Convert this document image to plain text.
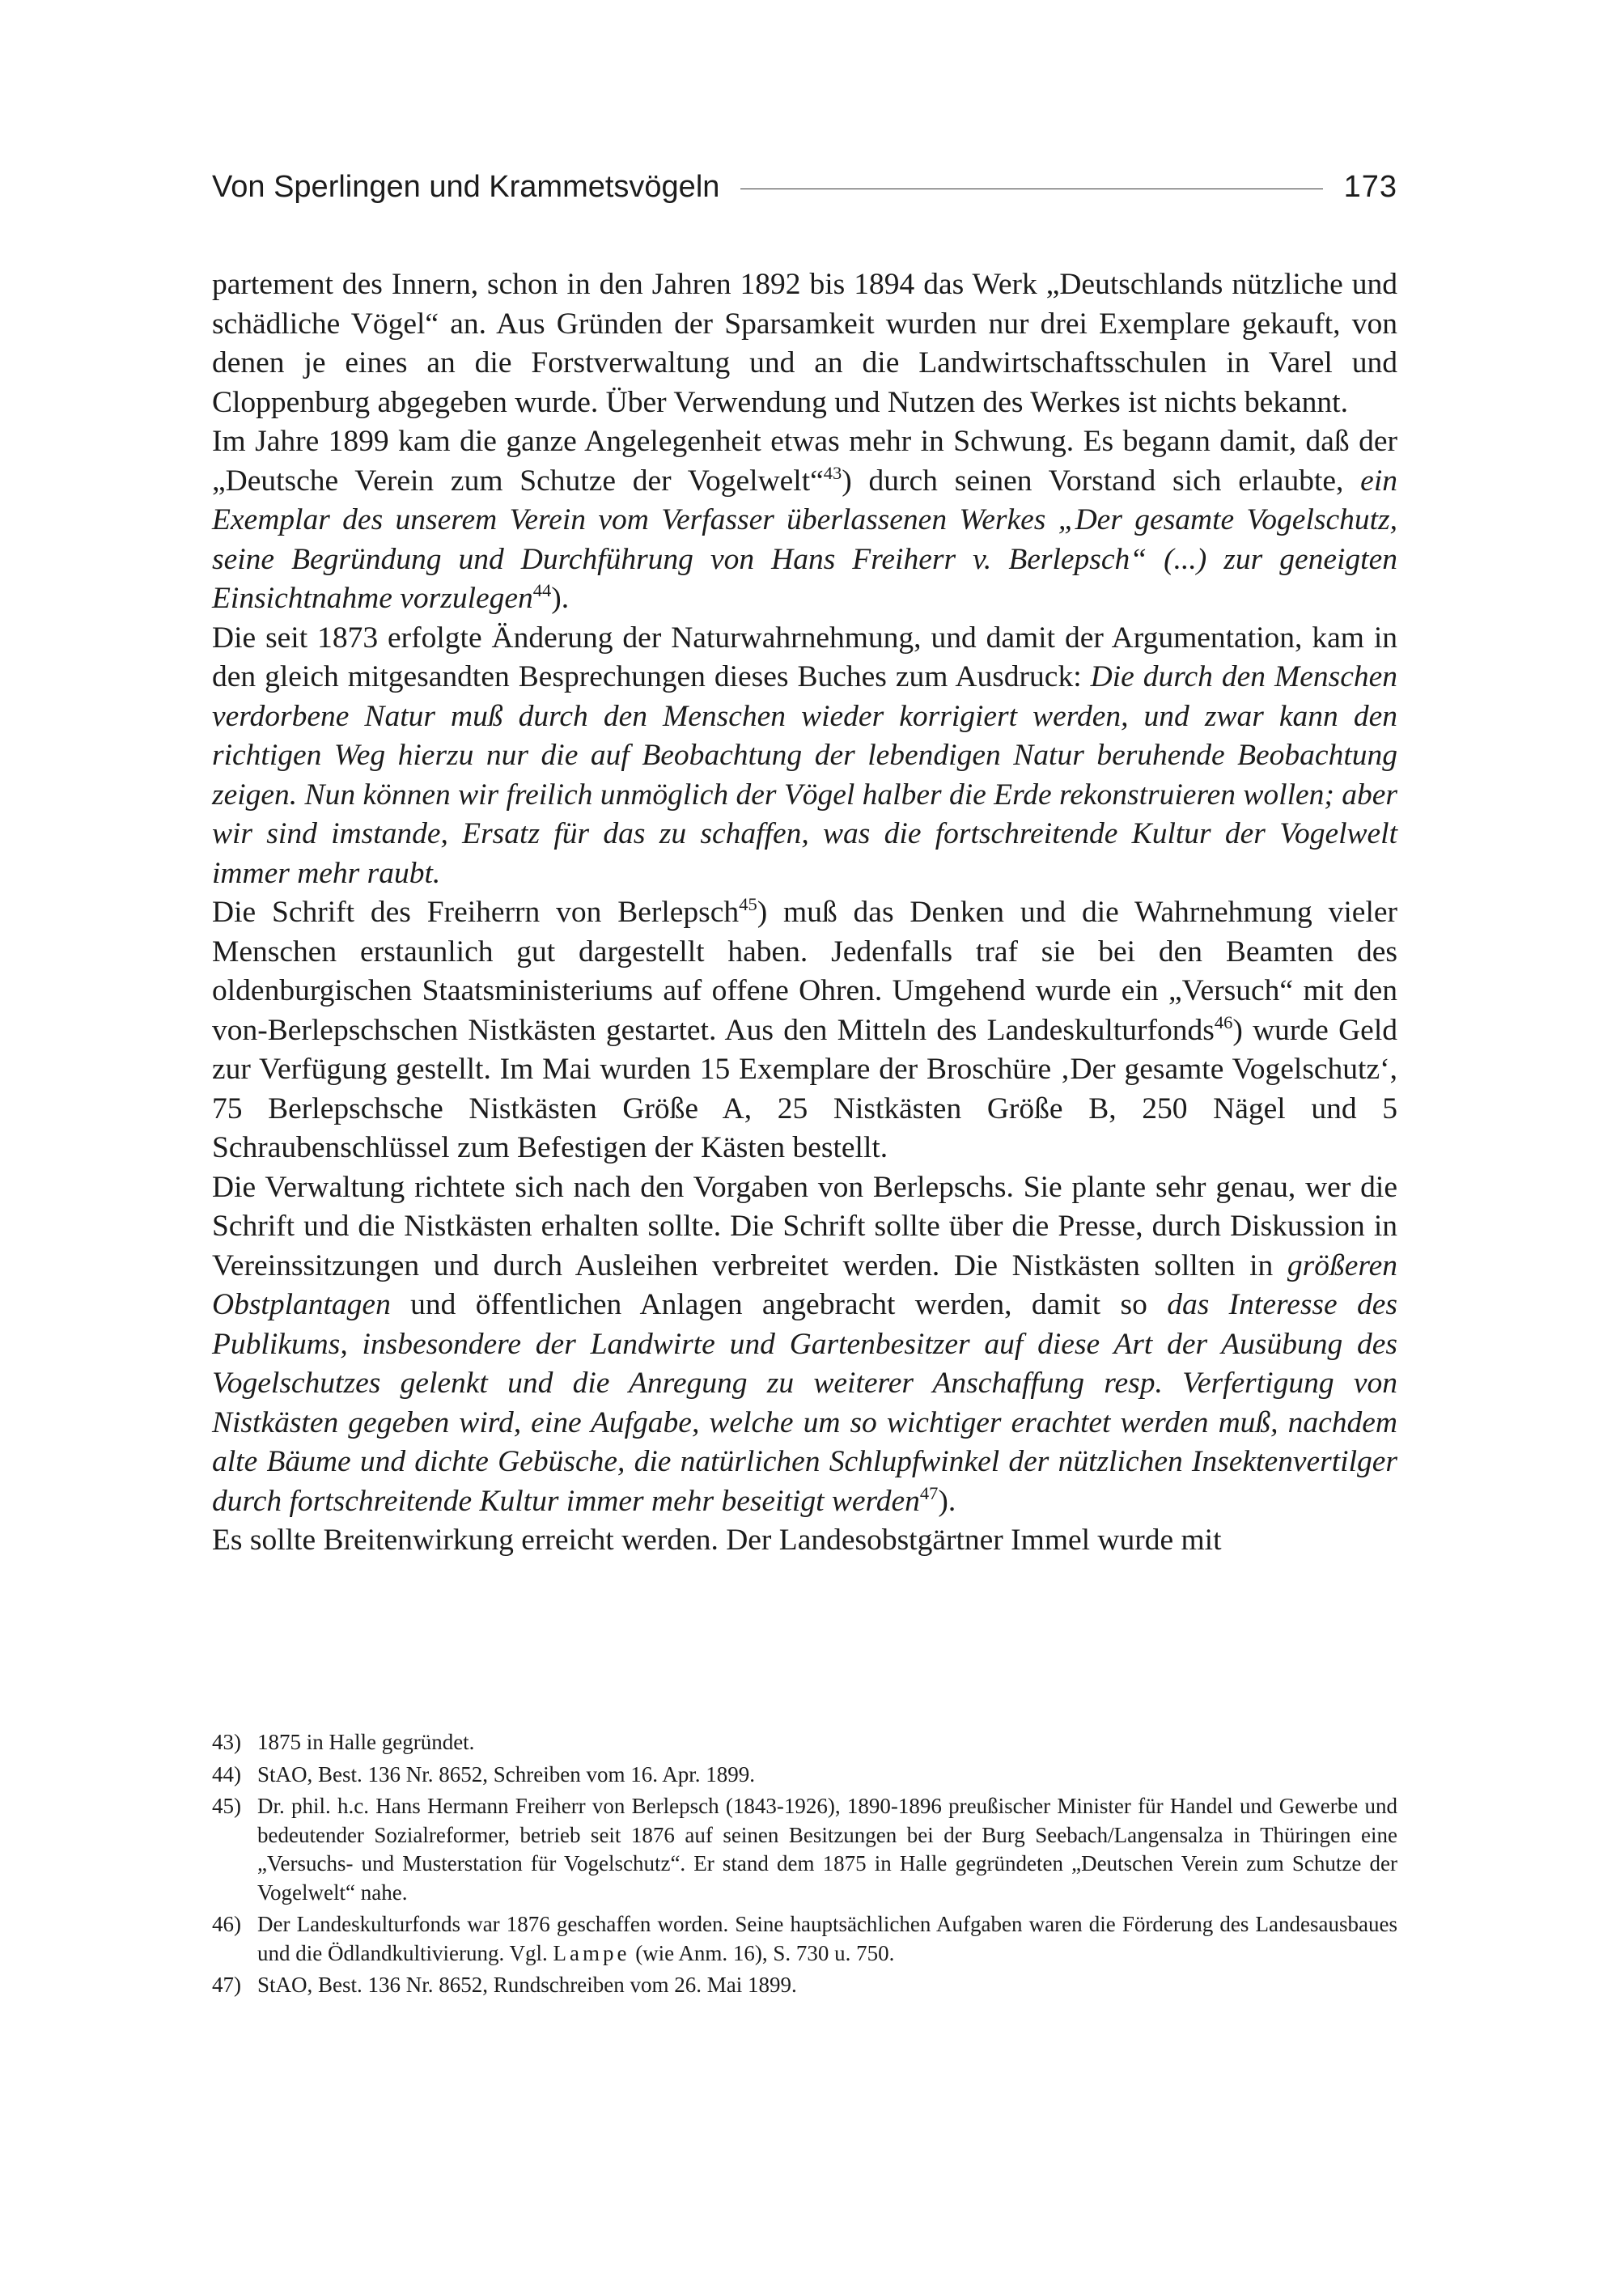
Von Sperlingen und Krammetsvögeln	173

partement des Innern, schon in den Jahren 1892 bis 1894 das Werk „Deutschlands nützliche und schädliche Vögel“ an. Aus Gründen der Sparsamkeit wurden nur drei Exemplare gekauft, von denen je eines an die Forstverwaltung und an die Landwirtschaftsschulen in Varel und Cloppenburg abgegeben wurde. Über Verwendung und Nutzen des Werkes ist nichts bekannt.

Im Jahre 1899 kam die ganze Angelegenheit etwas mehr in Schwung. Es begann damit, daß der „Deutsche Verein zum Schutze der Vogelwelt“$^{43}$) durch seinen Vorstand sich erlaubte, ein Exemplar des unserem Verein vom Verfasser überlassenen Werkes „Der gesamte Vogelschutz, seine Begründung und Durchführung von Hans Freiherr v. Berlepsch“ (...) zur geneigten Einsichtnahme vorzulegen$^{44}$).

Die seit 1873 erfolgte Änderung der Naturwahrnehmung, und damit der Argumentation, kam in den gleich mitgesandten Besprechungen dieses Buches zum Ausdruck: Die durch den Menschen verdorbene Natur muß durch den Menschen wieder korrigiert werden, und zwar kann den richtigen Weg hierzu nur die auf Beobachtung der lebendigen Natur beruhende Beobachtung zeigen. Nun können wir freilich unmöglich der Vögel halber die Erde rekonstruieren wollen; aber wir sind imstande, Ersatz für das zu schaffen, was die fortschreitende Kultur der Vogelwelt immer mehr raubt.

Die Schrift des Freiherrn von Berlepsch$^{45}$) muß das Denken und die Wahrnehmung vieler Menschen erstaunlich gut dargestellt haben. Jedenfalls traf sie bei den Beamten des oldenburgischen Staatsministeriums auf offene Ohren. Umgehend wurde ein „Versuch“ mit den von-Berlepschschen Nistkästen gestartet. Aus den Mitteln des Landeskulturfonds$^{46}$) wurde Geld zur Verfügung gestellt. Im Mai wurden 15 Exemplare der Broschüre ‚Der gesamte Vogelschutz‘, 75 Berlepschsche Nistkästen Größe A, 25 Nistkästen Größe B, 250 Nägel und 5 Schraubenschlüssel zum Befestigen der Kästen bestellt.

Die Verwaltung richtete sich nach den Vorgaben von Berlepschs. Sie plante sehr genau, wer die Schrift und die Nistkästen erhalten sollte. Die Schrift sollte über die Presse, durch Diskussion in Vereinssitzungen und durch Ausleihen verbreitet werden. Die Nistkästen sollten in größeren Obstplantagen und öffentlichen Anlagen angebracht werden, damit so das Interesse des Publikums, insbesondere der Landwirte und Gartenbesitzer auf diese Art der Ausübung des Vogelschutzes gelenkt und die Anregung zu weiterer Anschaffung resp. Verfertigung von Nistkästen gegeben wird, eine Aufgabe, welche um so wichtiger erachtet werden muß, nachdem alte Bäume und dichte Gebüsche, die natürlichen Schlupfwinkel der nützlichen Insektenvertilger durch fortschreitende Kultur immer mehr beseitigt werden$^{47}$).

Es sollte Breitenwirkung erreicht werden. Der Landesobstgärtner Immel wurde mit

43) 1875 in Halle gegründet.
44) StAO, Best. 136 Nr. 8652, Schreiben vom 16. Apr. 1899.
45) Dr. phil. h.c. Hans Hermann Freiherr von Berlepsch (1843-1926), 1890-1896 preußischer Minister für Handel und Gewerbe und bedeutender Sozialreformer, betrieb seit 1876 auf seinen Besitzungen bei der Burg Seebach/Langensalza in Thüringen eine „Versuchs- und Musterstation für Vogelschutz“. Er stand dem 1875 in Halle gegründeten „Deutschen Verein zum Schutze der Vogelwelt“ nahe.
46) Der Landeskulturfonds war 1876 geschaffen worden. Seine hauptsächlichen Aufgaben waren die Förderung des Landesausbaues und die Ödlandkultivierung. Vgl. Lampe (wie Anm. 16), S. 730 u. 750.
47) StAO, Best. 136 Nr. 8652, Rundschreiben vom 26. Mai 1899.
